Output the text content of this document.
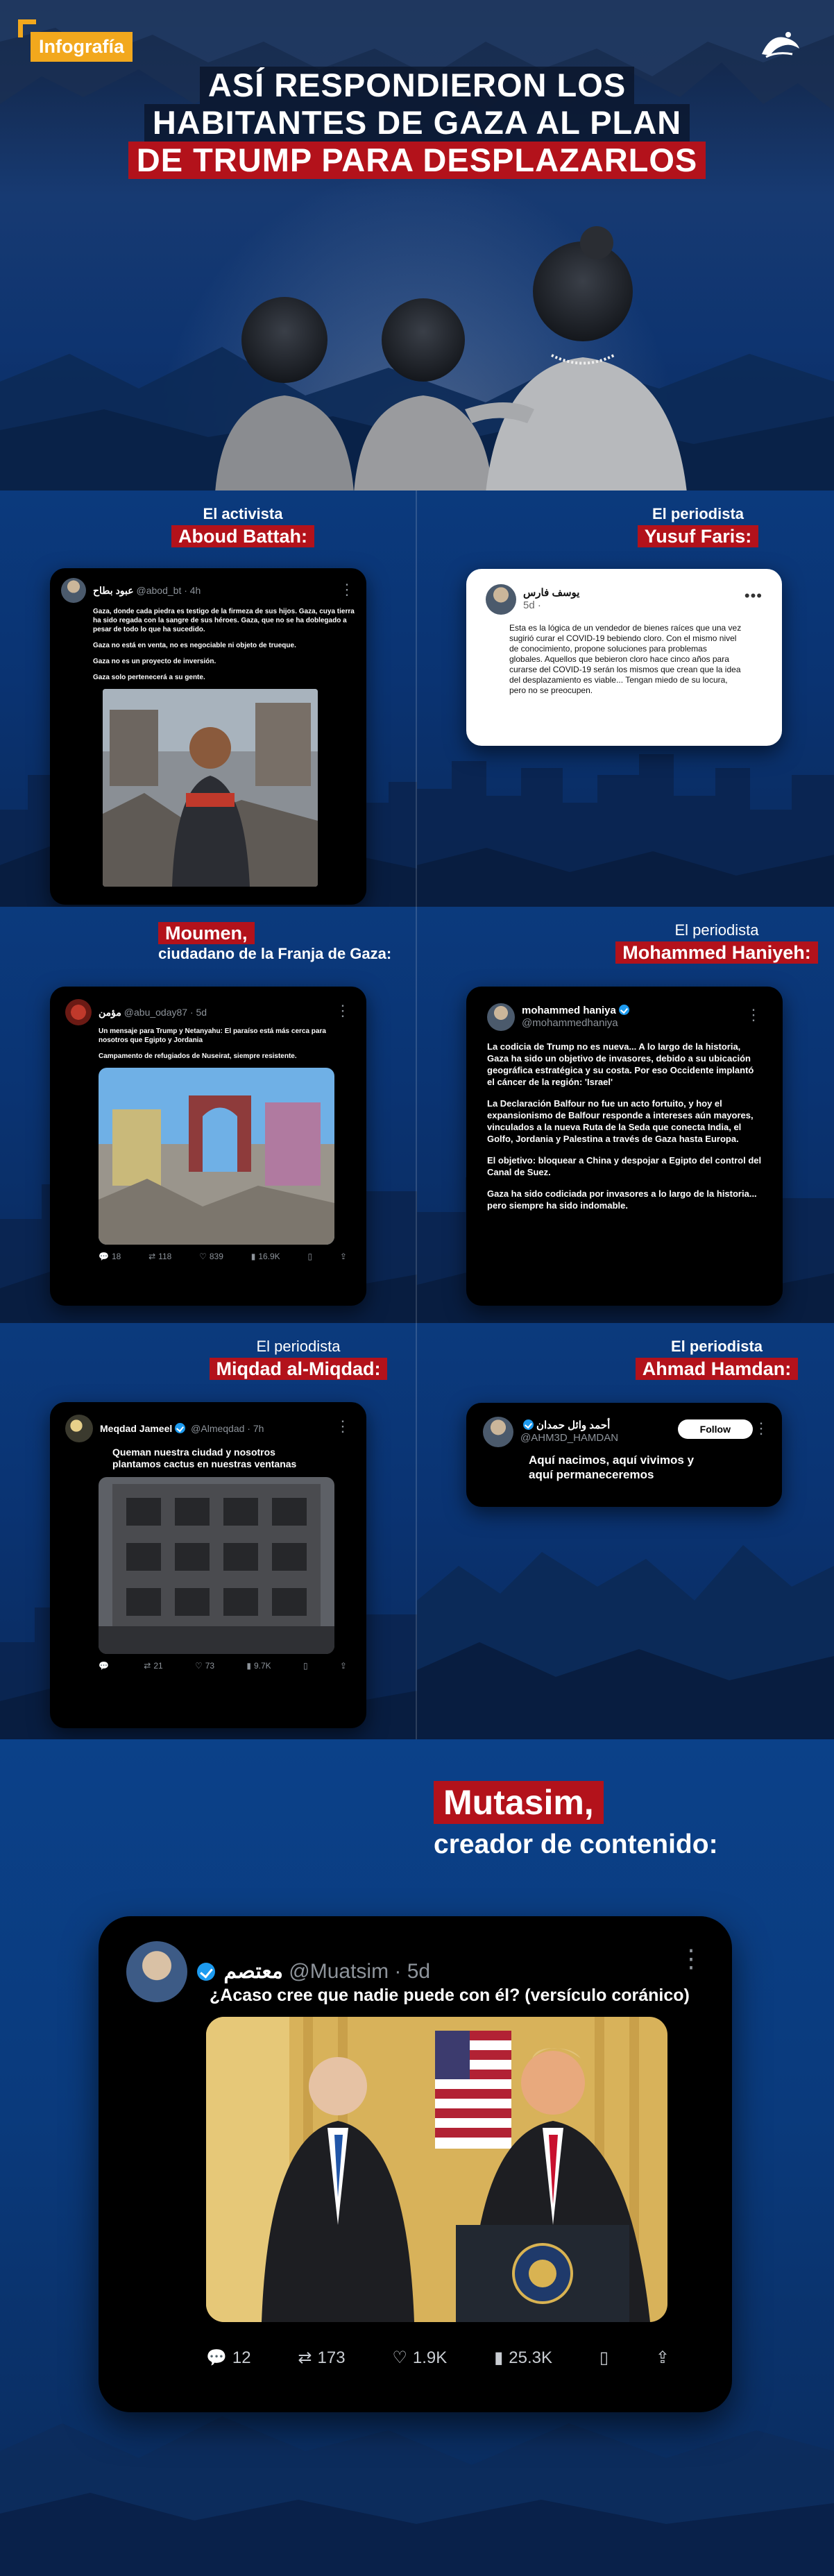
Infografía
ASÍ RESPONDIERON LOS
HABITANTES DE GAZA AL PLAN
DE TRUMP PARA DESPLAZARLOS
El activista
Aboud Battah:
عبود بطاح @abod_bt · 4h	⋮

Gaza, donde cada piedra es testigo de la firmeza de sus hijos. Gaza, cuya tierra ha sido regada con la sangre de sus héroes. Gaza, que no se ha doblegado a pesar de todo lo que ha sucedido.

Gaza no está en venta, no es negociable ni objeto de trueque.

Gaza no es un proyecto de inversión.

Gaza solo pertenecerá a su gente.

El periodista
Yusuf Faris:
يوسف فارس
5d ·
•••

Esta es la lógica de un vendedor de bienes raíces que una vez sugirió curar el COVID-19 bebiendo cloro. Con el mismo nivel de conocimiento, propone soluciones para problemas globales. Aquellos que bebieron cloro hace cinco años para curarse del COVID-19 serán los mismos que crean que la idea del desplazamiento es viable... Tengan miedo de su locura, pero no se preocupen.

Moumen,
ciudadano de la Franja de Gaza:
مؤمن @abu_oday87 · 5d	⋮

Un mensaje para Trump y Netanyahu: El paraíso está más cerca para nosotros que Egipto y Jordania

Campamento de refugiados de Nuseirat, siempre resistente.

💬 18	⇄ 118	♡ 839	▮ 16.9K	▯	⇪
El periodista
Mohammed Haniyeh:
mohammed haniya
@mohammedhaniya	⋮

La codicia de Trump no es nueva... A lo largo de la historia, Gaza ha sido un objetivo de invasores, debido a su ubicación geográfica estratégica y su costa. Por eso Occidente implantó el cáncer de la región: 'Israel'

La Declaración Balfour no fue un acto fortuito, y hoy el expansionismo de Balfour responde a intereses aún mayores, vinculados a la nueva Ruta de la Seda que conecta India, el Golfo, Jordania y Palestina a través de Gaza hasta Europa.

El objetivo: bloquear a China y despojar a Egipto del control del Canal de Suez.

Gaza ha sido codiciada por invasores a lo largo de la historia... pero siempre ha sido indomable.

El periodista
Miqdad al-Miqdad:
Meqdad Jameel @Almeqdad · 7h	⋮

Queman nuestra ciudad y nosotros plantamos cactus en nuestras ventanas

💬	⇄ 21	♡ 73	▮ 9.7K	▯	⇪
El periodista
Ahmad Hamdan:
أحمد وائل حمدان
@AHM3D_HAMDAN
Follow	⋮

Aquí nacimos, aquí vivimos y aquí permaneceremos

Mutasim,
creador de contenido:
معتصم @Muatsim · 5d	⋮
¿Acaso cree que nadie puede con él? (versículo coránico)
💬 12	⇄ 173	♡ 1.9K	▮ 25.3K	▯	⇪
